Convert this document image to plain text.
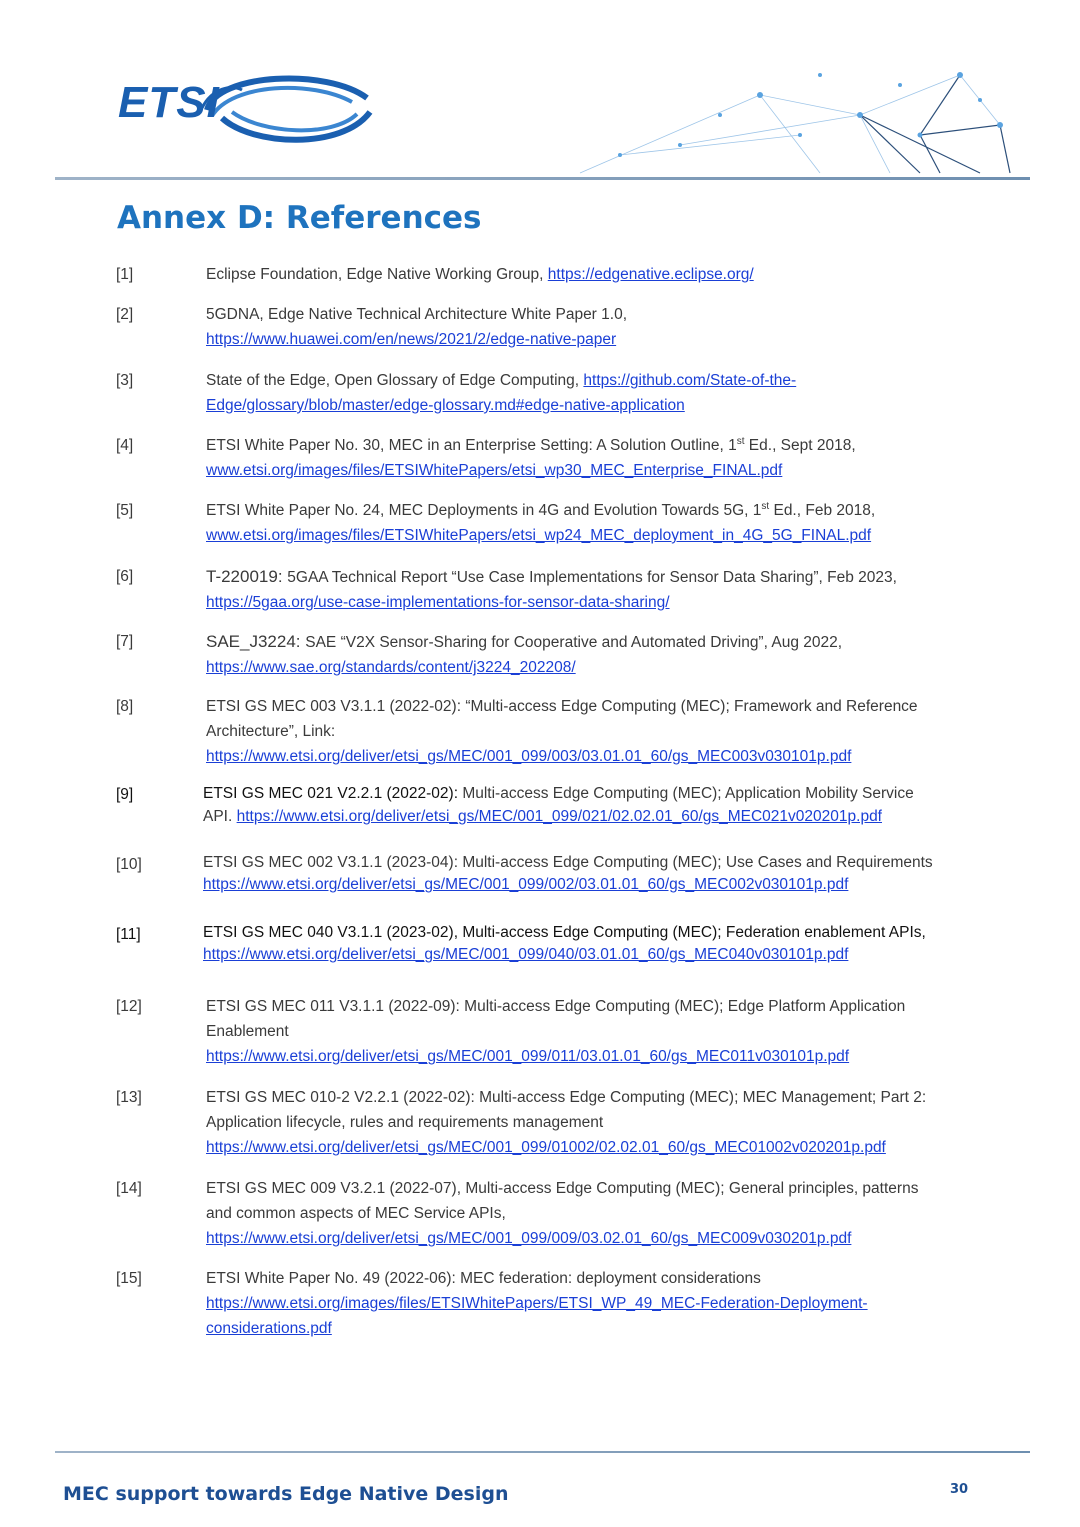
ETSI
Annex D: References
[1]	Eclipse Foundation, Edge Native Working Group, https://edgenative.eclipse.org/
[2]	5GDNA, Edge Native Technical Architecture White Paper 1.0,
https://www.huawei.com/en/news/2021/2/edge-native-paper
[3]	State of the Edge, Open Glossary of Edge Computing, https://github.com/State-of-the-
Edge/glossary/blob/master/edge-glossary.md#edge-native-application
[4]	ETSI White Paper No. 30, MEC in an Enterprise Setting: A Solution Outline, 1st Ed., Sept 2018,
www.etsi.org/images/files/ETSIWhitePapers/etsi_wp30_MEC_Enterprise_FINAL.pdf
[5]	ETSI White Paper No. 24, MEC Deployments in 4G and Evolution Towards 5G, 1st Ed., Feb 2018,
www.etsi.org/images/files/ETSIWhitePapers/etsi_wp24_MEC_deployment_in_4G_5G_FINAL.pdf
[6]	T-220019: 5GAA Technical Report “Use Case Implementations for Sensor Data Sharing”, Feb 2023,
https://5gaa.org/use-case-implementations-for-sensor-data-sharing/
[7]	SAE_J3224: SAE “V2X Sensor-Sharing for Cooperative and Automated Driving”, Aug 2022,
https://www.sae.org/standards/content/j3224_202208/
[8]	ETSI GS MEC 003 V3.1.1 (2022-02): “Multi-access Edge Computing (MEC); Framework and Reference
Architecture”, Link:
https://www.etsi.org/deliver/etsi_gs/MEC/001_099/003/03.01.01_60/gs_MEC003v030101p.pdf
[9]	ETSI GS MEC 021 V2.2.1 (2022-02): Multi-access Edge Computing (MEC); Application Mobility Service
API. https://www.etsi.org/deliver/etsi_gs/MEC/001_099/021/02.02.01_60/gs_MEC021v020201p.pdf
[10]	ETSI GS MEC 002 V3.1.1 (2023-04): Multi-access Edge Computing (MEC); Use Cases and Requirements
https://www.etsi.org/deliver/etsi_gs/MEC/001_099/002/03.01.01_60/gs_MEC002v030101p.pdf
[11]	ETSI GS MEC 040 V3.1.1 (2023-02), Multi-access Edge Computing (MEC); Federation enablement APIs,
https://www.etsi.org/deliver/etsi_gs/MEC/001_099/040/03.01.01_60/gs_MEC040v030101p.pdf
[12]	ETSI GS MEC 011 V3.1.1 (2022-09): Multi-access Edge Computing (MEC); Edge Platform Application
Enablement
https://www.etsi.org/deliver/etsi_gs/MEC/001_099/011/03.01.01_60/gs_MEC011v030101p.pdf
[13]	ETSI GS MEC 010-2 V2.2.1 (2022-02): Multi-access Edge Computing (MEC); MEC Management; Part 2:
Application lifecycle, rules and requirements management
https://www.etsi.org/deliver/etsi_gs/MEC/001_099/01002/02.02.01_60/gs_MEC01002v020201p.pdf
[14]	ETSI GS MEC 009 V3.2.1 (2022-07), Multi-access Edge Computing (MEC); General principles, patterns
and common aspects of MEC Service APIs,
https://www.etsi.org/deliver/etsi_gs/MEC/001_099/009/03.02.01_60/gs_MEC009v030201p.pdf
[15]	ETSI White Paper No. 49 (2022-06): MEC federation: deployment considerations
https://www.etsi.org/images/files/ETSIWhitePapers/ETSI_WP_49_MEC-Federation-Deployment-
considerations.pdf
MEC support towards Edge Native Design	30
